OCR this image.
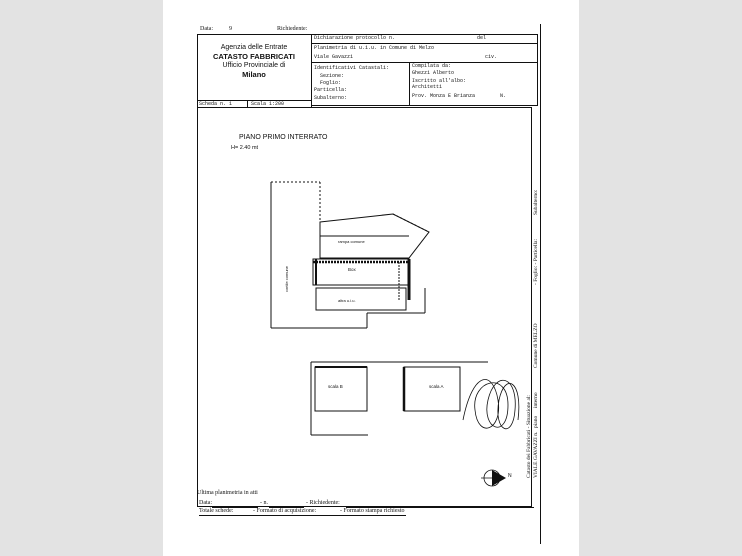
Data:	9	Richiedente:
Agenzia delle Entrate
CATASTO FABBRICATI
Ufficio Provinciale di
Milano
Dichiarazione protocollo n.	del
Planimetria di u.i.u. in Comune di Melzo
Viale Gavazzi	civ.
Identificativi Catastali:
Sezione:
Foglio:
Particella:
Subalterno:
Compilata da:
Ghezzi Alberto
Iscritto all'albo:
Architetti
Prov. Monza E Brianza	N.
Scheda n. 1	Scala 1:200
PIANO PRIMO INTERRATO
H= 2.40 mt
rampa comune
Box
altra u.i.u.
cortile comune
scala B	scala A
N
Subalterno:
- Foglio: - Particella:
Comune di MELZO
Catasto dei Fabbricati - Situazione al: VIALE GAVAZZI n.
piano
interno
Ultima planimetria in atti
Data:	- n.	- Richiedente:
Totale schede:	- Formato di acquisizione:	- Formato stampa richiesto
